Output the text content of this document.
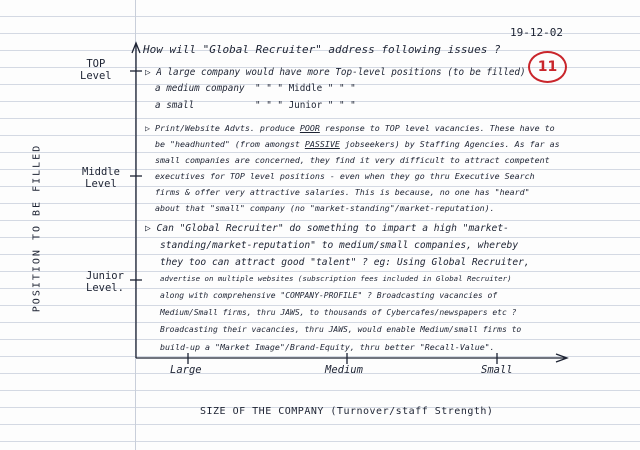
19-12-02
11
How will "Global Recruiter" address following issues ?
POSITION TO BE FILLED
TOP
Level
Middle
Level
Junior
Level.
▷ A large company would have more Top-level positions (to be filled)
a medium company " " " Middle " " "
a small	" " " Junior " " "
▷ Print/Website Advts. produce POOR response to TOP level vacancies. These have to
be "headhunted" (from amongst PASSIVE jobseekers) by Staffing Agencies. As far as
small companies are concerned, they find it very difficult to attract competent
executives for TOP level positions - even when they go thru Executive Search
firms & offer very attractive salaries. This is because, no one has "heard"
about that "small" company (no "market-standing"/market-reputation).
▷ Can "Global Recruiter" do something to impart a high "market-
standing/market-reputation" to medium/small companies, whereby
they too can attract good "talent" ? eg: Using Global Recruiter,
advertise on multiple websites (subscription fees included in Global Recruiter)
along with comprehensive "COMPANY-PROFILE" ? Broadcasting vacancies of
Medium/Small firms, thru JAWS, to thousands of Cybercafes/newspapers etc ?
Broadcasting their vacancies, thru JAWS, would enable Medium/small firms to
build-up a "Market Image"/Brand-Equity, thru better "Recall-Value".
Large	Medium	Small
SIZE OF THE COMPANY (Turnover/staff Strength)
